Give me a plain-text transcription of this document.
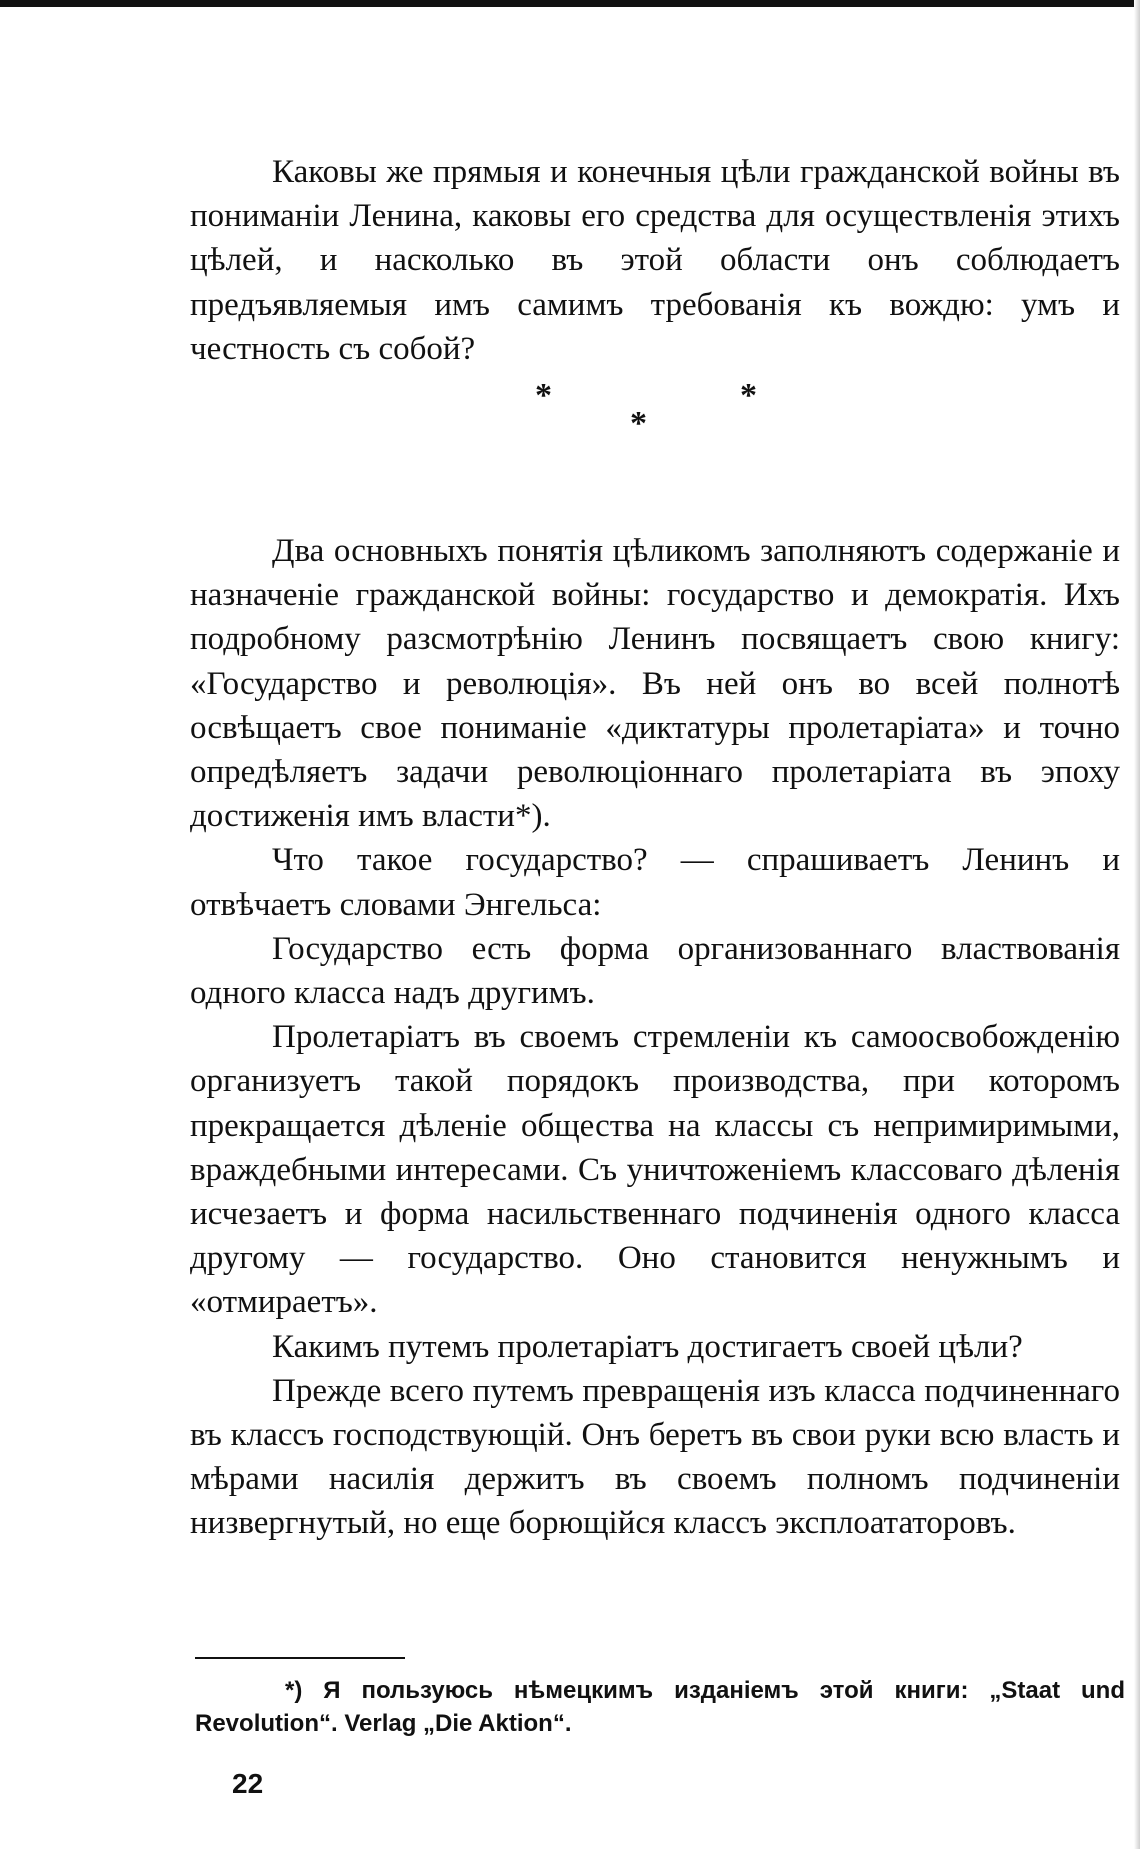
Каковы же прямыя и конечныя цѣли гражданской войны въ пониманіи Ленина, каковы его средства для осуществленія этихъ цѣлей, и насколько въ этой области онъ соблюдаетъ предъявляемыя имъ самимъ требованія къ вождю: умъ и честность съ собой?

*	*
*

Два основныхъ понятія цѣликомъ заполняютъ содержаніе и назначеніе гражданской войны: государство и демократія. Ихъ подробному разсмотрѣнію Ленинъ посвящаетъ свою книгу: «Государство и революція». Въ ней онъ во всей полнотѣ освѣщаетъ свое пониманіе «диктатуры пролетаріата» и точно опредѣляетъ задачи революціоннаго пролетаріата въ эпоху достиженія имъ власти*).

Что такое государство? — спрашиваетъ Ленинъ и отвѣчаетъ словами Энгельса:

Государство есть форма организованнаго властвованія одного класса надъ другимъ.

Пролетаріатъ въ своемъ стремленіи къ самоосвобожденію организуетъ такой порядокъ производства, при которомъ прекращается дѣленіе общества на классы съ непримиримыми, враждебными интересами. Съ уничтоженіемъ классоваго дѣленія исчезаетъ и форма насильственнаго подчиненія одного класса другому — государство. Оно становится ненужнымъ и «отмираетъ».

Какимъ путемъ пролетаріатъ достигаетъ своей цѣли?

Прежде всего путемъ превращенія изъ класса подчиненнаго въ классъ господствующій. Онъ беретъ въ свои руки всю власть и мѣрами насилія держитъ въ своемъ полномъ подчиненіи низвергнутый, но еще борющійся классъ эксплоататоровъ.

*) Я пользуюсь нѣмецкимъ изданіемъ этой книги: „Staat und Revolution“. Verlag „Die Aktion“.
22
